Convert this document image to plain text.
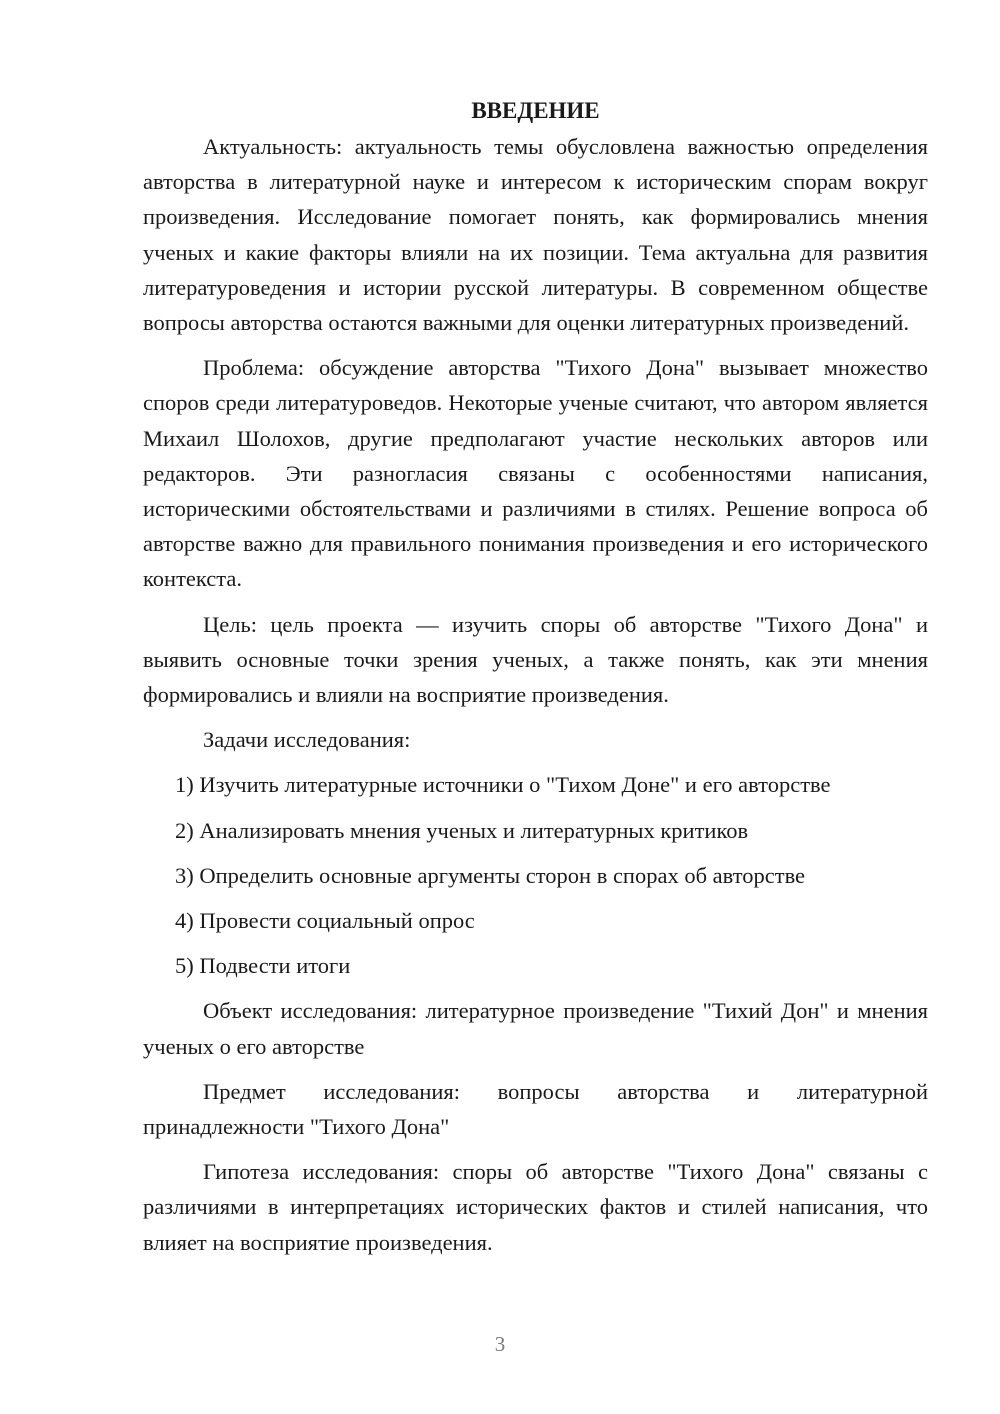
ВВЕДЕНИЕ

Актуальность: актуальность темы обусловлена важностью определения авторства в литературной науке и интересом к историческим спорам вокруг произведения. Исследование помогает понять, как формировались мнения ученых и какие факторы влияли на их позиции. Тема актуальна для развития литературоведения и истории русской литературы. В современном обществе вопросы авторства остаются важными для оценки литературных произведений.

Проблема: обсуждение авторства "Тихого Дона" вызывает множество споров среди литературоведов. Некоторые ученые считают, что автором является Михаил Шолохов, другие предполагают участие нескольких авторов или редакторов. Эти разногласия связаны с особенностями написания, историческими обстоятельствами и различиями в стилях. Решение вопроса об авторстве важно для правильного понимания произведения и его исторического контекста.

Цель: цель проекта — изучить споры об авторстве "Тихого Дона" и выявить основные точки зрения ученых, а также понять, как эти мнения формировались и влияли на восприятие произведения.

Задачи исследования:

1) Изучить литературные источники о "Тихом Доне" и его авторстве
2) Анализировать мнения ученых и литературных критиков
3) Определить основные аргументы сторон в спорах об авторстве
4) Провести социальный опрос
5) Подвести итоги

Объект исследования: литературное произведение "Тихий Дон" и мнения ученых о его авторстве

Предмет исследования: вопросы авторства и литературной принадлежности "Тихого Дона"

Гипотеза исследования: споры об авторстве "Тихого Дона" связаны с различиями в интерпретациях исторических фактов и стилей написания, что влияет на восприятие произведения.

3
